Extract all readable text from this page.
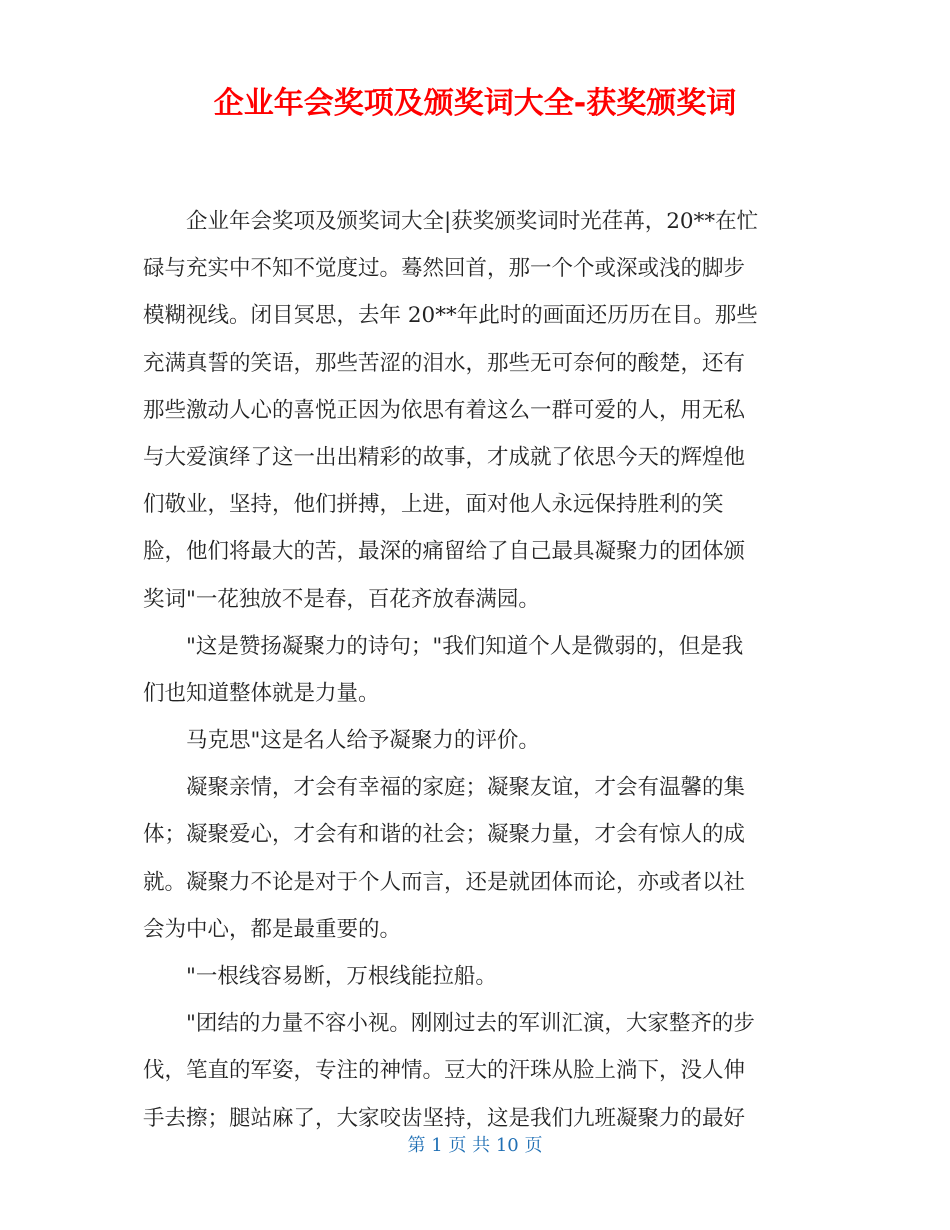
企业年会奖项及颁奖词大全-获奖颁奖词
企业年会奖项及颁奖词大全|获奖颁奖词时光荏苒，20**在忙
碌与充实中不知不觉度过。蓦然回首，那一个个或深或浅的脚步
模糊视线。闭目冥思，去年 20**年此时的画面还历历在目。那些
充满真誓的笑语，那些苦涩的泪水，那些无可奈何的酸楚，还有
那些激动人心的喜悦正因为依思有着这么一群可爱的人，用无私
与大爱演绎了这一出出精彩的故事，才成就了依思今天的辉煌他
们敬业，坚持，他们拼搏，上进，面对他人永远保持胜利的笑
脸，他们将最大的苦，最深的痛留给了自己最具凝聚力的团体颁
奖词"一花独放不是春，百花齐放春满园。
"这是赞扬凝聚力的诗句；"我们知道个人是微弱的，但是我
们也知道整体就是力量。
马克思"这是名人给予凝聚力的评价。
凝聚亲情，才会有幸福的家庭；凝聚友谊，才会有温馨的集
体；凝聚爱心，才会有和谐的社会；凝聚力量，才会有惊人的成
就。凝聚力不论是对于个人而言，还是就团体而论，亦或者以社
会为中心，都是最重要的。
"一根线容易断，万根线能拉船。
"团结的力量不容小视。刚刚过去的军训汇演，大家整齐的步
伐，笔直的军姿，专注的神情。豆大的汗珠从脸上淌下，没人伸
手去擦；腿站麻了，大家咬齿坚持，这是我们九班凝聚力的最好
第 1 页 共 10 页
